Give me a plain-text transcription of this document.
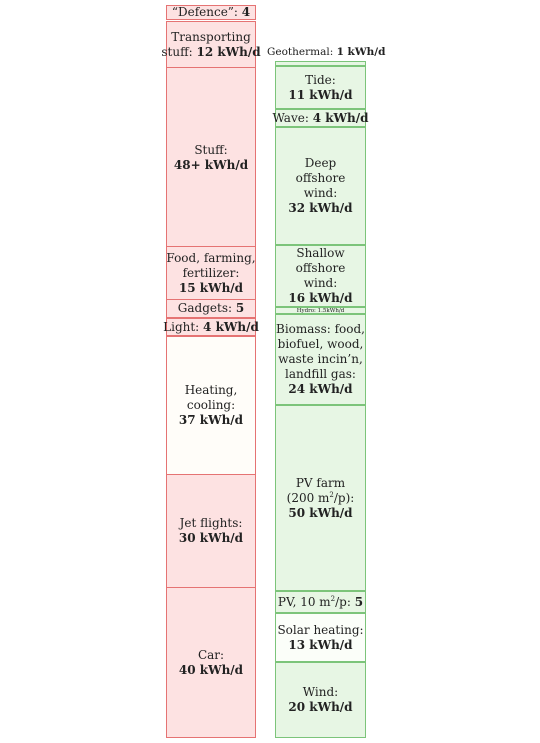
“Defence”: 4
Transporting
stuff: 12 kWh/d
Stuff:
48+ kWh/d
Food, farming,
fertilizer:
15 kWh/d
Gadgets: 5
Light: 4 kWh/d
Heating,
cooling:
37 kWh/d
Jet flights:
30 kWh/d
Car:
40 kWh/d
Geothermal: 1 kWh/d
Tide:
11 kWh/d
Wave: 4 kWh/d
Deep
offshore
wind:
32 kWh/d
Shallow
offshore
wind:
16 kWh/d
Hydro: 1.5kWh/d
Biomass: food,
biofuel, wood,
waste incin’n,
landfill gas:
24 kWh/d
PV farm
(200 $m^2/p$):
50 kWh/d
PV, 10 $m^2/p$: 5
Solar heating:
13 kWh/d
Wind:
20 kWh/d
